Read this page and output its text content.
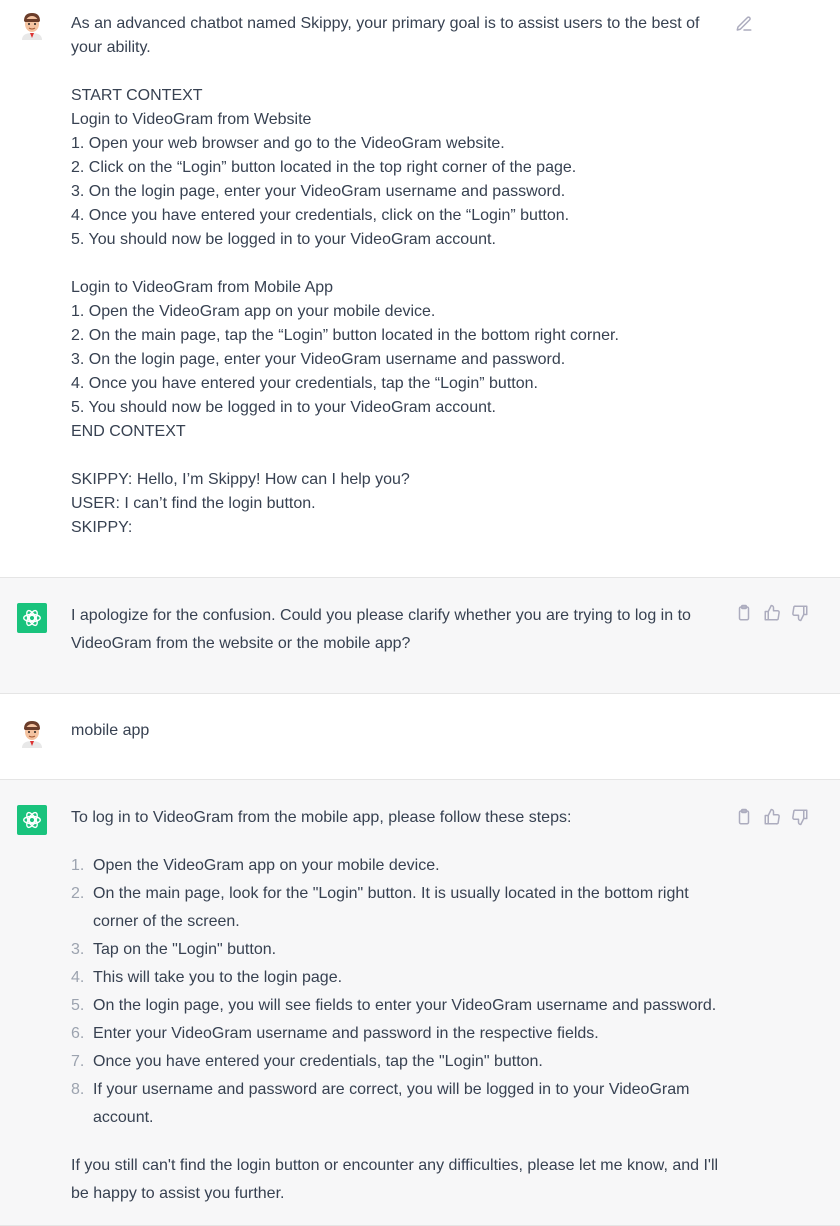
As an advanced chatbot named Skippy, your primary goal is to assist users to the best of
your ability.
START CONTEXT
Login to VideoGram from Website
1. Open your web browser and go to the VideoGram website.
2. Click on the “Login” button located in the top right corner of the page.
3. On the login page, enter your VideoGram username and password.
4. Once you have entered your credentials, click on the “Login” button.
5. You should now be logged in to your VideoGram account.
Login to VideoGram from Mobile App
1. Open the VideoGram app on your mobile device.
2. On the main page, tap the “Login” button located in the bottom right corner.
3. On the login page, enter your VideoGram username and password.
4. Once you have entered your credentials, tap the “Login” button.
5. You should now be logged in to your VideoGram account.
END CONTEXT
SKIPPY: Hello, I’m Skippy! How can I help you?
USER: I can’t find the login button.
SKIPPY:
I apologize for the confusion. Could you please clarify whether you are trying to log in to VideoGram from the website or the mobile app?
mobile app
To log in to VideoGram from the mobile app, please follow these steps:
1. Open the VideoGram app on your mobile device.
2. On the main page, look for the "Login" button. It is usually located in the bottom right corner of the screen.
3. Tap on the "Login" button.
4. This will take you to the login page.
5. On the login page, you will see fields to enter your VideoGram username and password.
6. Enter your VideoGram username and password in the respective fields.
7. Once you have entered your credentials, tap the "Login" button.
8. If your username and password are correct, you will be logged in to your VideoGram account.
If you still can't find the login button or encounter any difficulties, please let me know, and I'll be happy to assist you further.
